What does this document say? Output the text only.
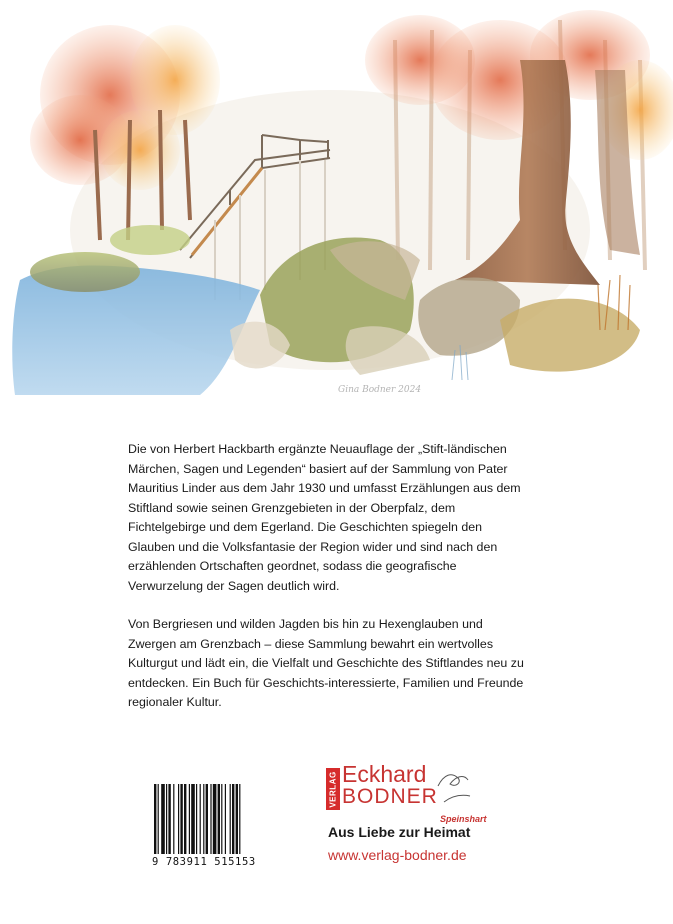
Gina Bodner 2024

Die von Herbert Hackbarth ergänzte Neuauflage der „Stift-ländischen Märchen, Sagen und Legenden“ basiert auf der Sammlung von Pater Mauritius Linder aus dem Jahr 1930 und umfasst Erzählungen aus dem Stiftland sowie seinen Grenzgebieten in der Oberpfalz, dem Fichtelgebirge und dem Egerland. Die Geschichten spiegeln den Glauben und die Volksfantasie der Region wider und sind nach den erzählenden Ortschaften geordnet, sodass die geografische Verwurzelung der Sagen deutlich wird.

Von Bergriesen und wilden Jagden bis hin zu Hexenglauben und Zwergen am Grenzbach – diese Sammlung bewahrt ein wertvolles Kulturgut und lädt ein, die Vielfalt und Geschichte des Stiftlandes neu zu entdecken. Ein Buch für Geschichts-interessierte, Familien und Freunde regionaler Kultur.

9 783911 515153
VERLAG Eckhard
BODNER
Speinshart
Aus Liebe zur Heimat
www.verlag-bodner.de
